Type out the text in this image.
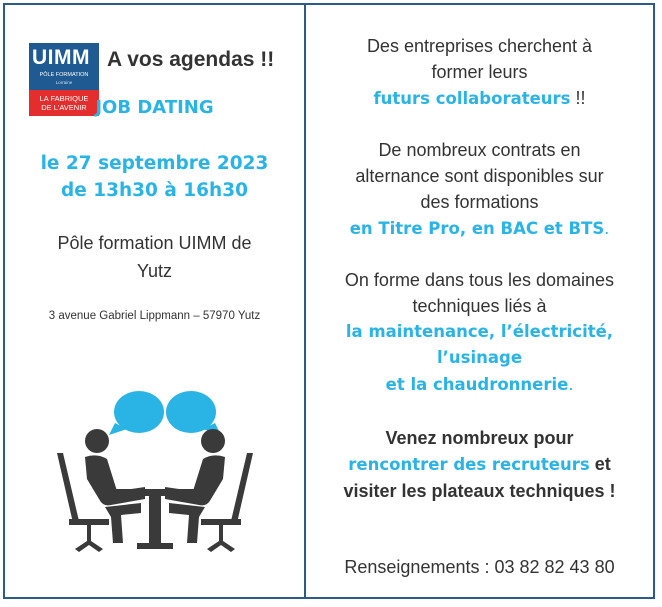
UIMM
PÔLE FORMATION
Lorraine
LA FABRIQUE
DE L'AVENIR
A vos agendas !!
JOB DATING
le 27 septembre 2023
de 13h30 à 16h30
Pôle formation UIMM de
Yutz
3 avenue Gabriel Lippmann – 57970 Yutz
Des entreprises cherchent à
former leurs
futurs collaborateurs !!
De nombreux contrats en
alternance sont disponibles sur
des formations
en Titre Pro, en BAC et BTS.
On forme dans tous les domaines
techniques liés à
la maintenance, l’électricité,
l’usinage
et la chaudronnerie.
Venez nombreux pour
rencontrer des recruteurs et
visiter les plateaux techniques !
Renseignements : 03 82 82 43 80
